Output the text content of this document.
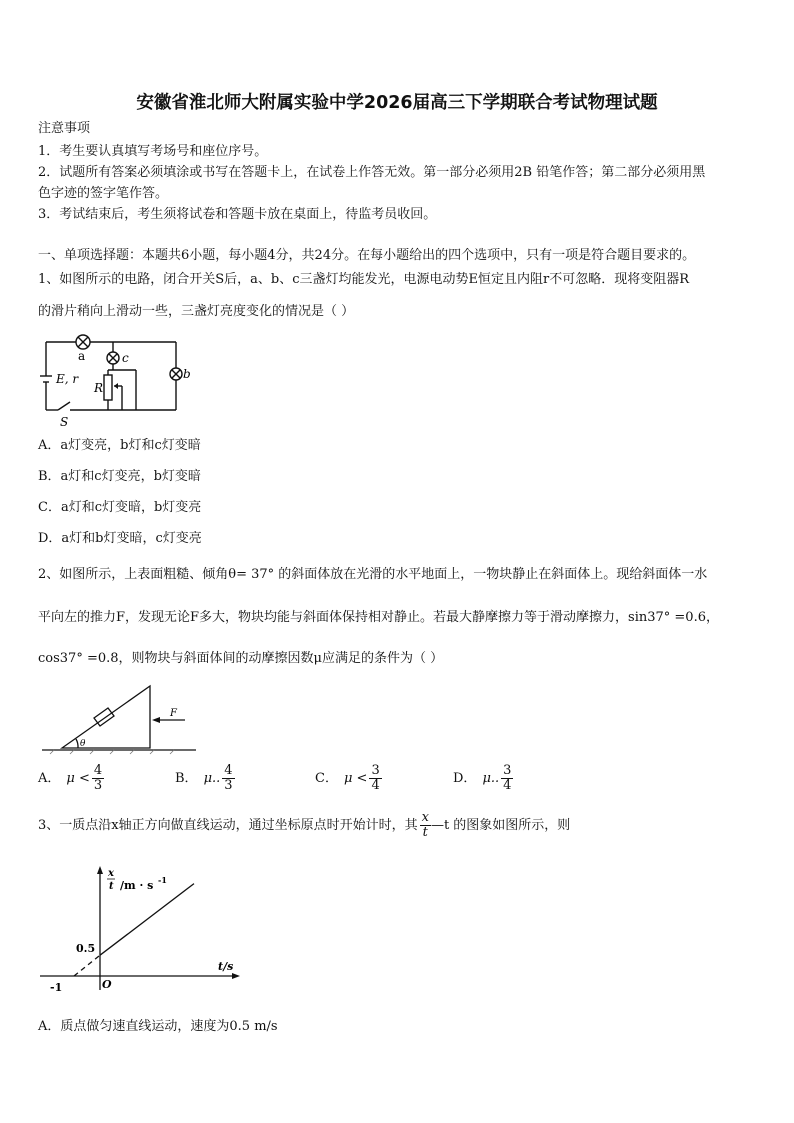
安徽省淮北师大附属实验中学2026届高三下学期联合考试物理试题
注意事项
1．考生要认真填写考场号和座位序号。
2．试题所有答案必须填涂或书写在答题卡上，在试卷上作答无效。第一部分必须用2B 铅笔作答；第二部分必须用黑
色字迹的签字笔作答。
3．考试结束后，考生须将试卷和答题卡放在桌面上，待监考员收回。
一、单项选择题：本题共6小题，每小题4分，共24分。在每小题给出的四个选项中，只有一项是符合题目要求的。
1、如图所示的电路，闭合开关S后，a、b、c三盏灯均能发光，电源电动势E恒定且内阻r不可忽略．现将变阻器R
的滑片稍向上滑动一些，三盏灯亮度变化的情况是（ ）
a	c
b
E, r
R
S
A．a灯变亮，b灯和c灯变暗
B．a灯和c灯变亮，b灯变暗
C．a灯和c灯变暗，b灯变亮
D．a灯和b灯变暗，c灯变亮
2、如图所示，上表面粗糙、倾角θ= 37° 的斜面体放在光滑的水平地面上，一物块静止在斜面体上。现给斜面体一水
平向左的推力F，发现无论F多大，物块均能与斜面体保持相对静止。若最大静摩擦力等于滑动摩擦力，sin37° =0.6，
cos37° =0.8，则物块与斜面体间的动摩擦因数μ应满足的条件为（ ）
F
θ
A． $\mu < \frac{4}{3}$	B． μ.. $\frac{4}{3}$	C． $\mu < \frac{3}{4}$	D． μ.. $\frac{3}{4}$
3、一质点沿x轴正方向做直线运动，通过坐标原点时开始计时，其 $\frac{x}{t}$ —t 的图象如图所示，则
x
t /m · s -1
t/s
O
0.5
-1
A．质点做匀速直线运动，速度为0.5 m/s
